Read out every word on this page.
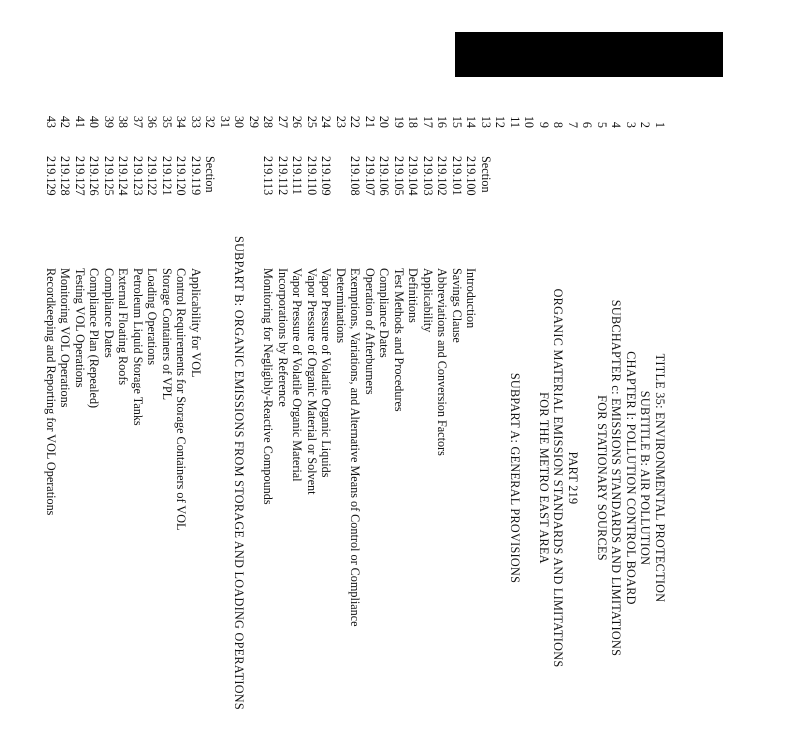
1
TITLE 35: ENVIRONMENTAL PROTECTION
2
SUBTITLE B: AIR POLLUTION
3
CHAPTER I: POLLUTION CONTROL BOARD
4
SUBCHAPTER c: EMISSIONS STANDARDS AND LIMITATIONS
5
FOR STATIONARY SOURCES
6
7
PART 219
8
ORGANIC MATERIAL EMISSION STANDARDS AND LIMITATIONS
9
FOR THE METRO EAST AREA
10
11
SUBPART A: GENERAL PROVISIONS
12
13
Section
14
219.100
Introduction
15
219.101
Savings Clause
16
219.102
Abbreviations and Conversion Factors
17
219.103
Applicability
18
219.104
Definitions
19
219.105
Test Methods and Procedures
20
219.106
Compliance Dates
21
219.107
Operation of Afterburners
22
219.108
Exemptions, Variations, and Alternative Means of Control or Compliance
23
Determinations
24
219.109
Vapor Pressure of Volatile Organic Liquids
25
219.110
Vapor Pressure of Organic Material or Solvent
26
219.111
Vapor Pressure of Volatile Organic Material
27
219.112
Incorporations by Reference
28
219.113
Monitoring for Negligibly-Reactive Compounds
29
30
SUBPART B: ORGANIC EMISSIONS FROM STORAGE AND LOADING OPERATIONS
31
32
Section
33
219.119
Applicability for VOL
34
219.120
Control Requirements for Storage Containers of VOL
35
219.121
Storage Containers of VPL
36
219.122
Loading Operations
37
219.123
Petroleum Liquid Storage Tanks
38
219.124
External Floating Roofs
39
219.125
Compliance Dates
40
219.126
Compliance Plan (Repealed)
41
219.127
Testing VOL Operations
42
219.128
Monitoring VOL Operations
43
219.129
Recordkeeping and Reporting for VOL Operations
